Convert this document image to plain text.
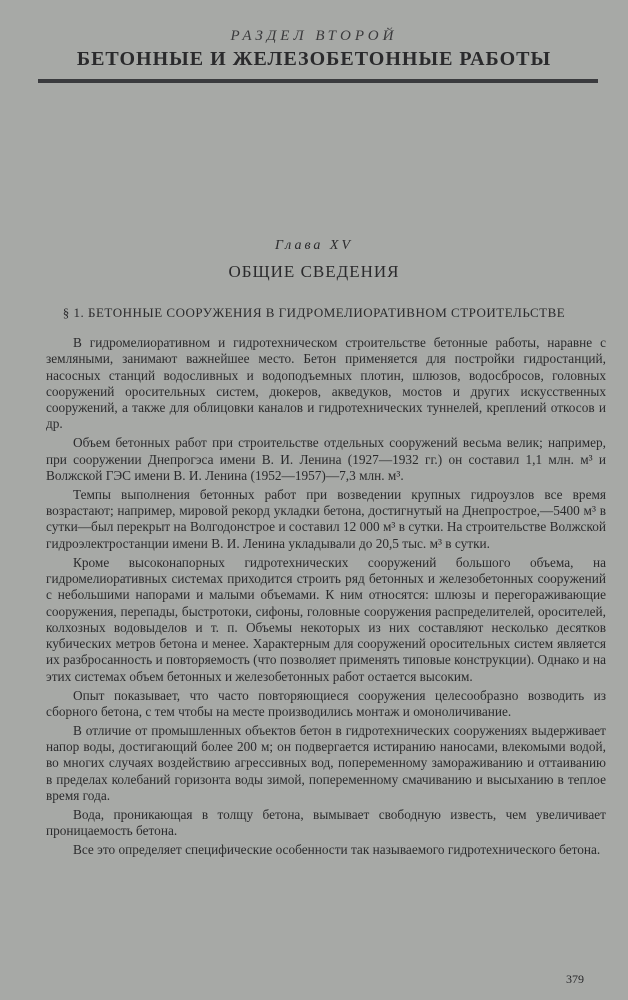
РАЗДЕЛ ВТОРОЙ
БЕТОННЫЕ И ЖЕЛЕЗОБЕТОННЫЕ РАБОТЫ
Глава XV
ОБЩИЕ СВЕДЕНИЯ
§ 1. БЕТОННЫЕ СООРУЖЕНИЯ В ГИДРОМЕЛИОРАТИВНОМ СТРОИТЕЛЬСТВЕ

В гидромелиоративном и гидротехническом строительстве бетонные работы, наравне с земляными, занимают важнейшее место. Бетон применяется для постройки гидростанций, насосных станций водосливных и водоподъемных плотин, шлюзов, водосбросов, головных сооружений оросительных систем, дюкеров, акведуков, мостов и других искусственных сооружений, а также для облицовки каналов и гидротехнических туннелей, креплений откосов и др.

Объем бетонных работ при строительстве отдельных сооружений весьма велик; например, при сооружении Днепрогэса имени В. И. Ленина (1927—1932 гг.) он составил 1,1 млн. м³ и Волжской ГЭС имени В. И. Ленина (1952—1957)—7,3 млн. м³.

Темпы выполнения бетонных работ при возведении крупных гидроузлов все время возрастают; например, мировой рекорд укладки бетона, достигнутый на Днепрострое,—5400 м³ в сутки—был перекрыт на Волгодонстрое и составил 12 000 м³ в сутки. На строительстве Волжской гидроэлектростанции имени В. И. Ленина укладывали до 20,5 тыс. м³ в сутки.

Кроме высоконапорных гидротехнических сооружений большого объема, на гидромелиоративных системах приходится строить ряд бетонных и железобетонных сооружений с небольшими напорами и малыми объемами. К ним относятся: шлюзы и перегораживающие сооружения, перепады, быстротоки, сифоны, головные сооружения распределителей, оросителей, колхозных водовыделов и т. п. Объемы некоторых из них составляют несколько десятков кубических метров бетона и менее. Характерным для сооружений оросительных систем является их разбросанность и повторяемость (что позволяет применять типовые конструкции). Однако и на этих системах объем бетонных и железобетонных работ остается высоким.

Опыт показывает, что часто повторяющиеся сооружения целесообразно возводить из сборного бетона, с тем чтобы на месте производились монтаж и омоноличивание.

В отличие от промышленных объектов бетон в гидротехнических сооружениях выдерживает напор воды, достигающий более 200 м; он подвергается истиранию наносами, влекомыми водой, во многих случаях воздействию агрессивных вод, попеременному замораживанию и оттаиванию в пределах колебаний горизонта воды зимой, попеременному смачиванию и высыханию в теплое время года.

Вода, проникающая в толщу бетона, вымывает свободную известь, чем увеличивает проницаемость бетона.

Все это определяет специфические особенности так называемого гидротехнического бетона.

379
